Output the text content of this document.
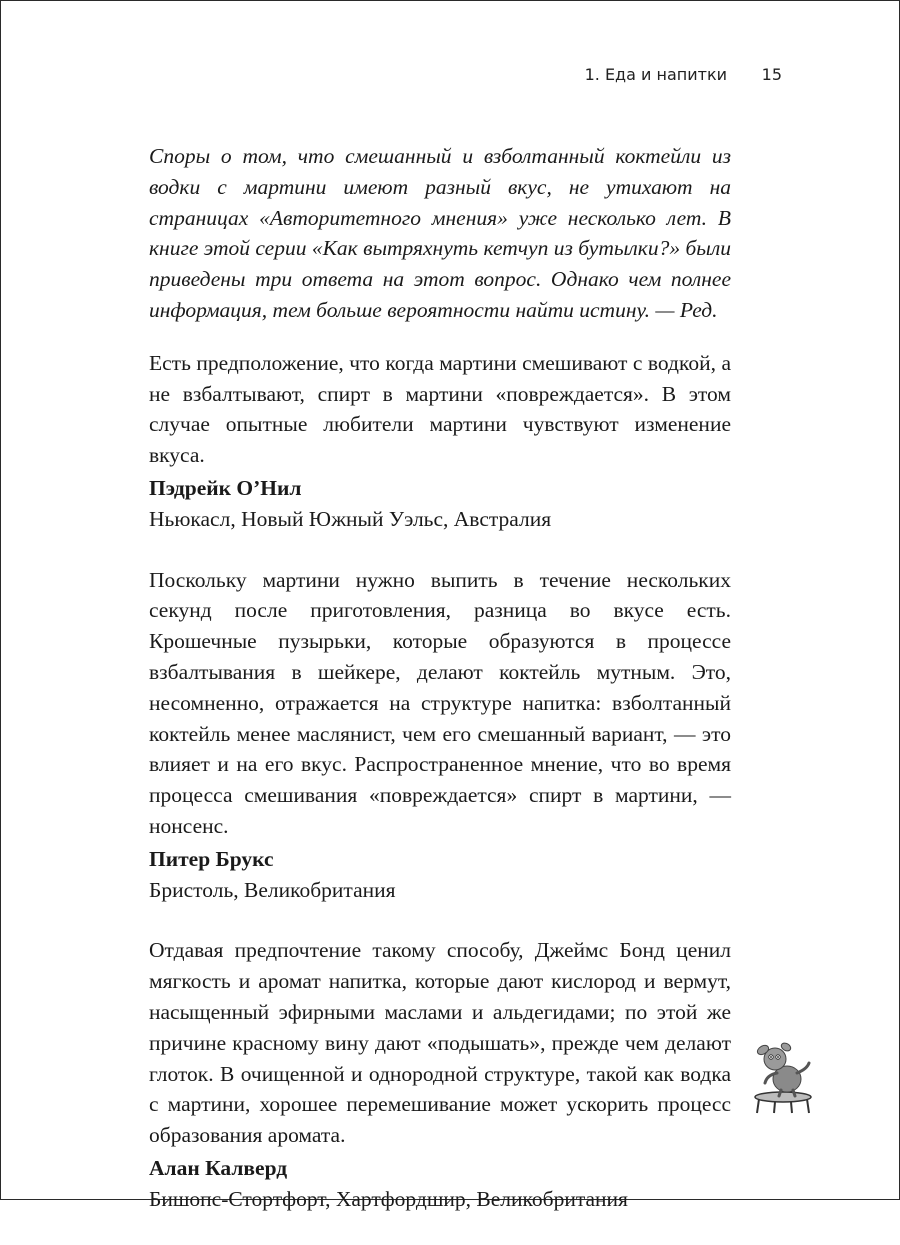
1. Еда и напитки 15

Споры о том, что смешанный и взболтанный коктейли из водки с мартини имеют разный вкус, не утихают на страницах «Авторитетного мнения» уже несколько лет. В книге этой серии «Как вытряхнуть кетчуп из бутылки?» были приведены три ответа на этот вопрос. Однако чем полнее информация, тем больше вероятности найти истину. — Ред.

Есть предположение, что когда мартини смешивают с водкой, а не взбалтывают, спирт в мартини «повреждается». В этом случае опытные любители мартини чувствуют изменение вкуса.

Пэдрейк О’Нил

Ньюкасл, Новый Южный Уэльс, Австралия

Поскольку мартини нужно выпить в течение нескольких секунд после приготовления, разница во вкусе есть. Крошечные пузырьки, которые образуются в процессе взбалтывания в шейкере, делают коктейль мутным. Это, несомненно, отражается на структуре напитка: взболтанный коктейль менее маслянист, чем его смешанный вариант, — это влияет и на его вкус. Распространенное мнение, что во время процесса смешивания «повреждается» спирт в мартини, — нонсенс.

Питер Брукс

Бристоль, Великобритания

Отдавая предпочтение такому способу, Джеймс Бонд ценил мягкость и аромат напитка, которые дают кислород и вермут, насыщенный эфирными маслами и альдегидами; по этой же причине красному вину дают «подышать», прежде чем делают глоток. В очищенной и однородной структуре, такой как водка с мартини, хорошее перемешивание может ускорить процесс образования аромата.

Алан Калверд

Бишопс-Стортфорт, Хартфордшир, Великобритания
